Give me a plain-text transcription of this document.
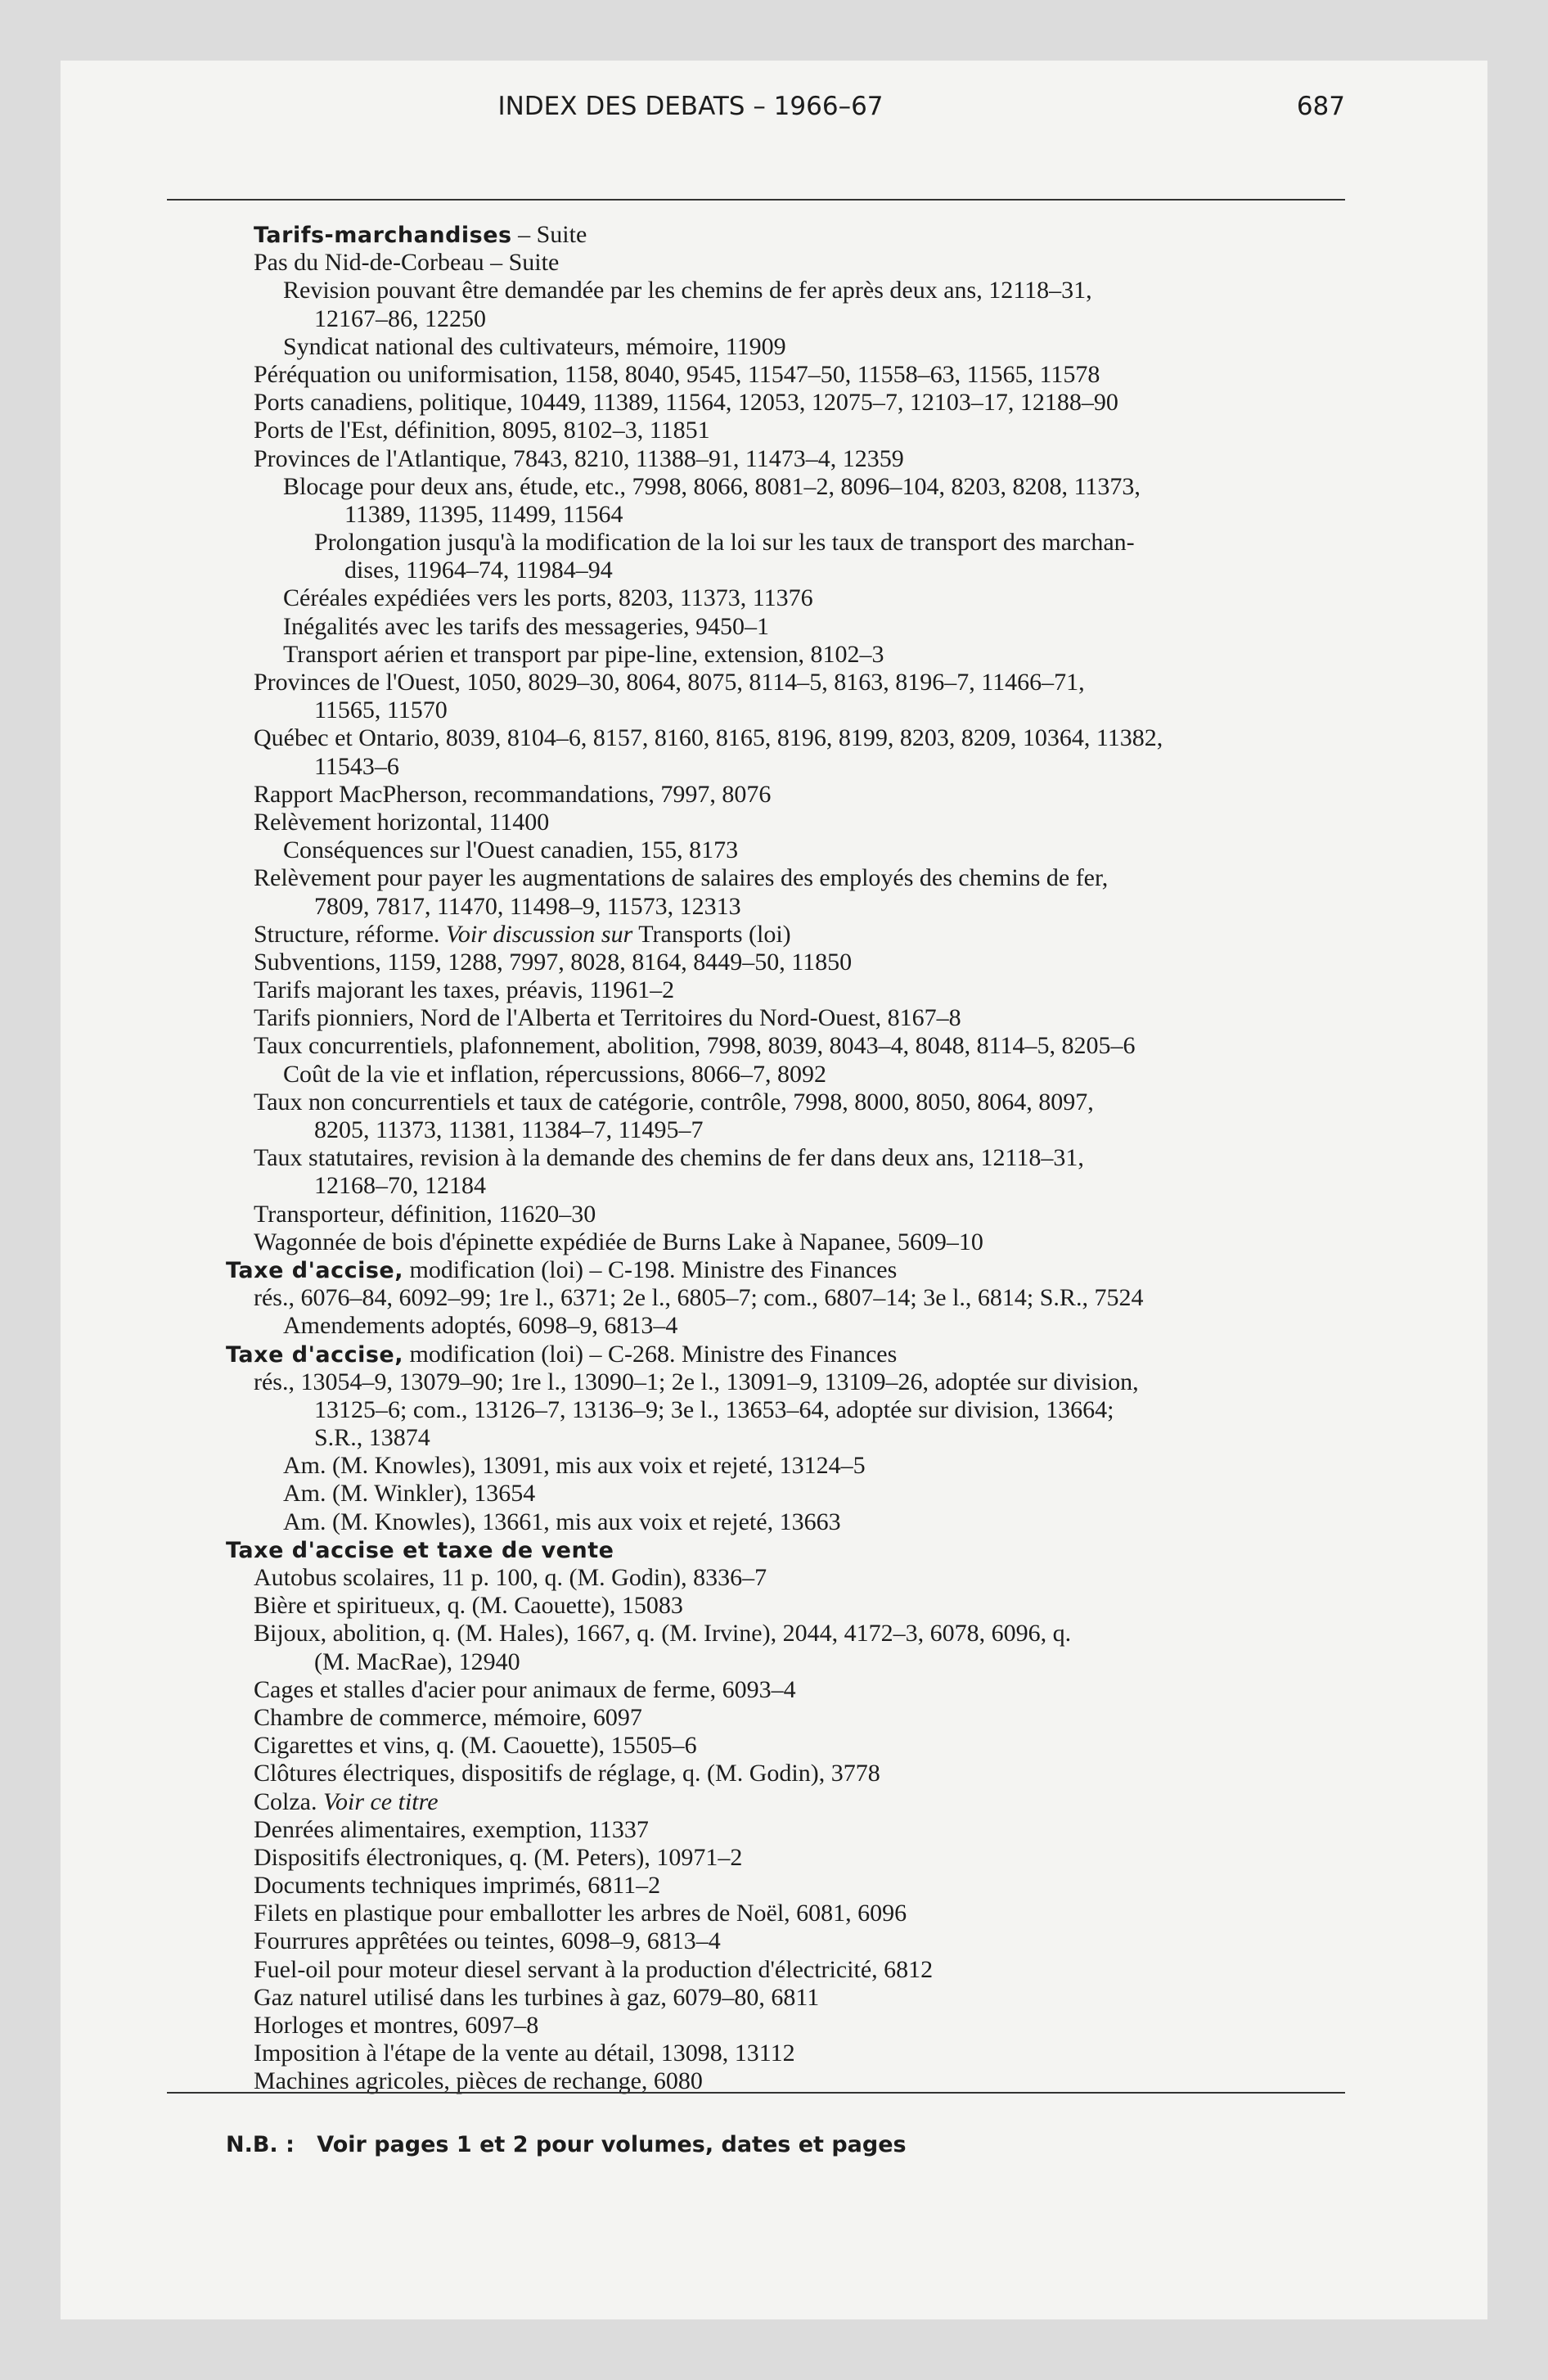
INDEX DES DEBATS – 1966–67	687
Tarifs-marchandises – Suite
Pas du Nid-de-Corbeau – Suite
Revision pouvant être demandée par les chemins de fer après deux ans, 12118–31,
12167–86, 12250
Syndicat national des cultivateurs, mémoire, 11909
Péréquation ou uniformisation, 1158, 8040, 9545, 11547–50, 11558–63, 11565, 11578
Ports canadiens, politique, 10449, 11389, 11564, 12053, 12075–7, 12103–17, 12188–90
Ports de l'Est, définition, 8095, 8102–3, 11851
Provinces de l'Atlantique, 7843, 8210, 11388–91, 11473–4, 12359
Blocage pour deux ans, étude, etc., 7998, 8066, 8081–2, 8096–104, 8203, 8208, 11373,
11389, 11395, 11499, 11564
Prolongation jusqu'à la modification de la loi sur les taux de transport des marchan-
dises, 11964–74, 11984–94
Céréales expédiées vers les ports, 8203, 11373, 11376
Inégalités avec les tarifs des messageries, 9450–1
Transport aérien et transport par pipe-line, extension, 8102–3
Provinces de l'Ouest, 1050, 8029–30, 8064, 8075, 8114–5, 8163, 8196–7, 11466–71,
11565, 11570
Québec et Ontario, 8039, 8104–6, 8157, 8160, 8165, 8196, 8199, 8203, 8209, 10364, 11382,
11543–6
Rapport MacPherson, recommandations, 7997, 8076
Relèvement horizontal, 11400
Conséquences sur l'Ouest canadien, 155, 8173
Relèvement pour payer les augmentations de salaires des employés des chemins de fer,
7809, 7817, 11470, 11498–9, 11573, 12313
Structure, réforme. Voir discussion sur Transports (loi)
Subventions, 1159, 1288, 7997, 8028, 8164, 8449–50, 11850
Tarifs majorant les taxes, préavis, 11961–2
Tarifs pionniers, Nord de l'Alberta et Territoires du Nord-Ouest, 8167–8
Taux concurrentiels, plafonnement, abolition, 7998, 8039, 8043–4, 8048, 8114–5, 8205–6
Coût de la vie et inflation, répercussions, 8066–7, 8092
Taux non concurrentiels et taux de catégorie, contrôle, 7998, 8000, 8050, 8064, 8097,
8205, 11373, 11381, 11384–7, 11495–7
Taux statutaires, revision à la demande des chemins de fer dans deux ans, 12118–31,
12168–70, 12184
Transporteur, définition, 11620–30
Wagonnée de bois d'épinette expédiée de Burns Lake à Napanee, 5609–10
Taxe d'accise, modification (loi) – C-198. Ministre des Finances
rés., 6076–84, 6092–99; 1re l., 6371; 2e l., 6805–7; com., 6807–14; 3e l., 6814; S.R., 7524
Amendements adoptés, 6098–9, 6813–4
Taxe d'accise, modification (loi) – C-268. Ministre des Finances
rés., 13054–9, 13079–90; 1re l., 13090–1; 2e l., 13091–9, 13109–26, adoptée sur division,
13125–6; com., 13126–7, 13136–9; 3e l., 13653–64, adoptée sur division, 13664;
S.R., 13874
Am. (M. Knowles), 13091, mis aux voix et rejeté, 13124–5
Am. (M. Winkler), 13654
Am. (M. Knowles), 13661, mis aux voix et rejeté, 13663
Taxe d'accise et taxe de vente
Autobus scolaires, 11 p. 100, q. (M. Godin), 8336–7
Bière et spiritueux, q. (M. Caouette), 15083
Bijoux, abolition, q. (M. Hales), 1667, q. (M. Irvine), 2044, 4172–3, 6078, 6096, q.
(M. MacRae), 12940
Cages et stalles d'acier pour animaux de ferme, 6093–4
Chambre de commerce, mémoire, 6097
Cigarettes et vins, q. (M. Caouette), 15505–6
Clôtures électriques, dispositifs de réglage, q. (M. Godin), 3778
Colza. Voir ce titre
Denrées alimentaires, exemption, 11337
Dispositifs électroniques, q. (M. Peters), 10971–2
Documents techniques imprimés, 6811–2
Filets en plastique pour emballotter les arbres de Noël, 6081, 6096
Fourrures apprêtées ou teintes, 6098–9, 6813–4
Fuel-oil pour moteur diesel servant à la production d'électricité, 6812
Gaz naturel utilisé dans les turbines à gaz, 6079–80, 6811
Horloges et montres, 6097–8
Imposition à l'étape de la vente au détail, 13098, 13112
Machines agricoles, pièces de rechange, 6080
N.B. : Voir pages 1 et 2 pour volumes, dates et pages
